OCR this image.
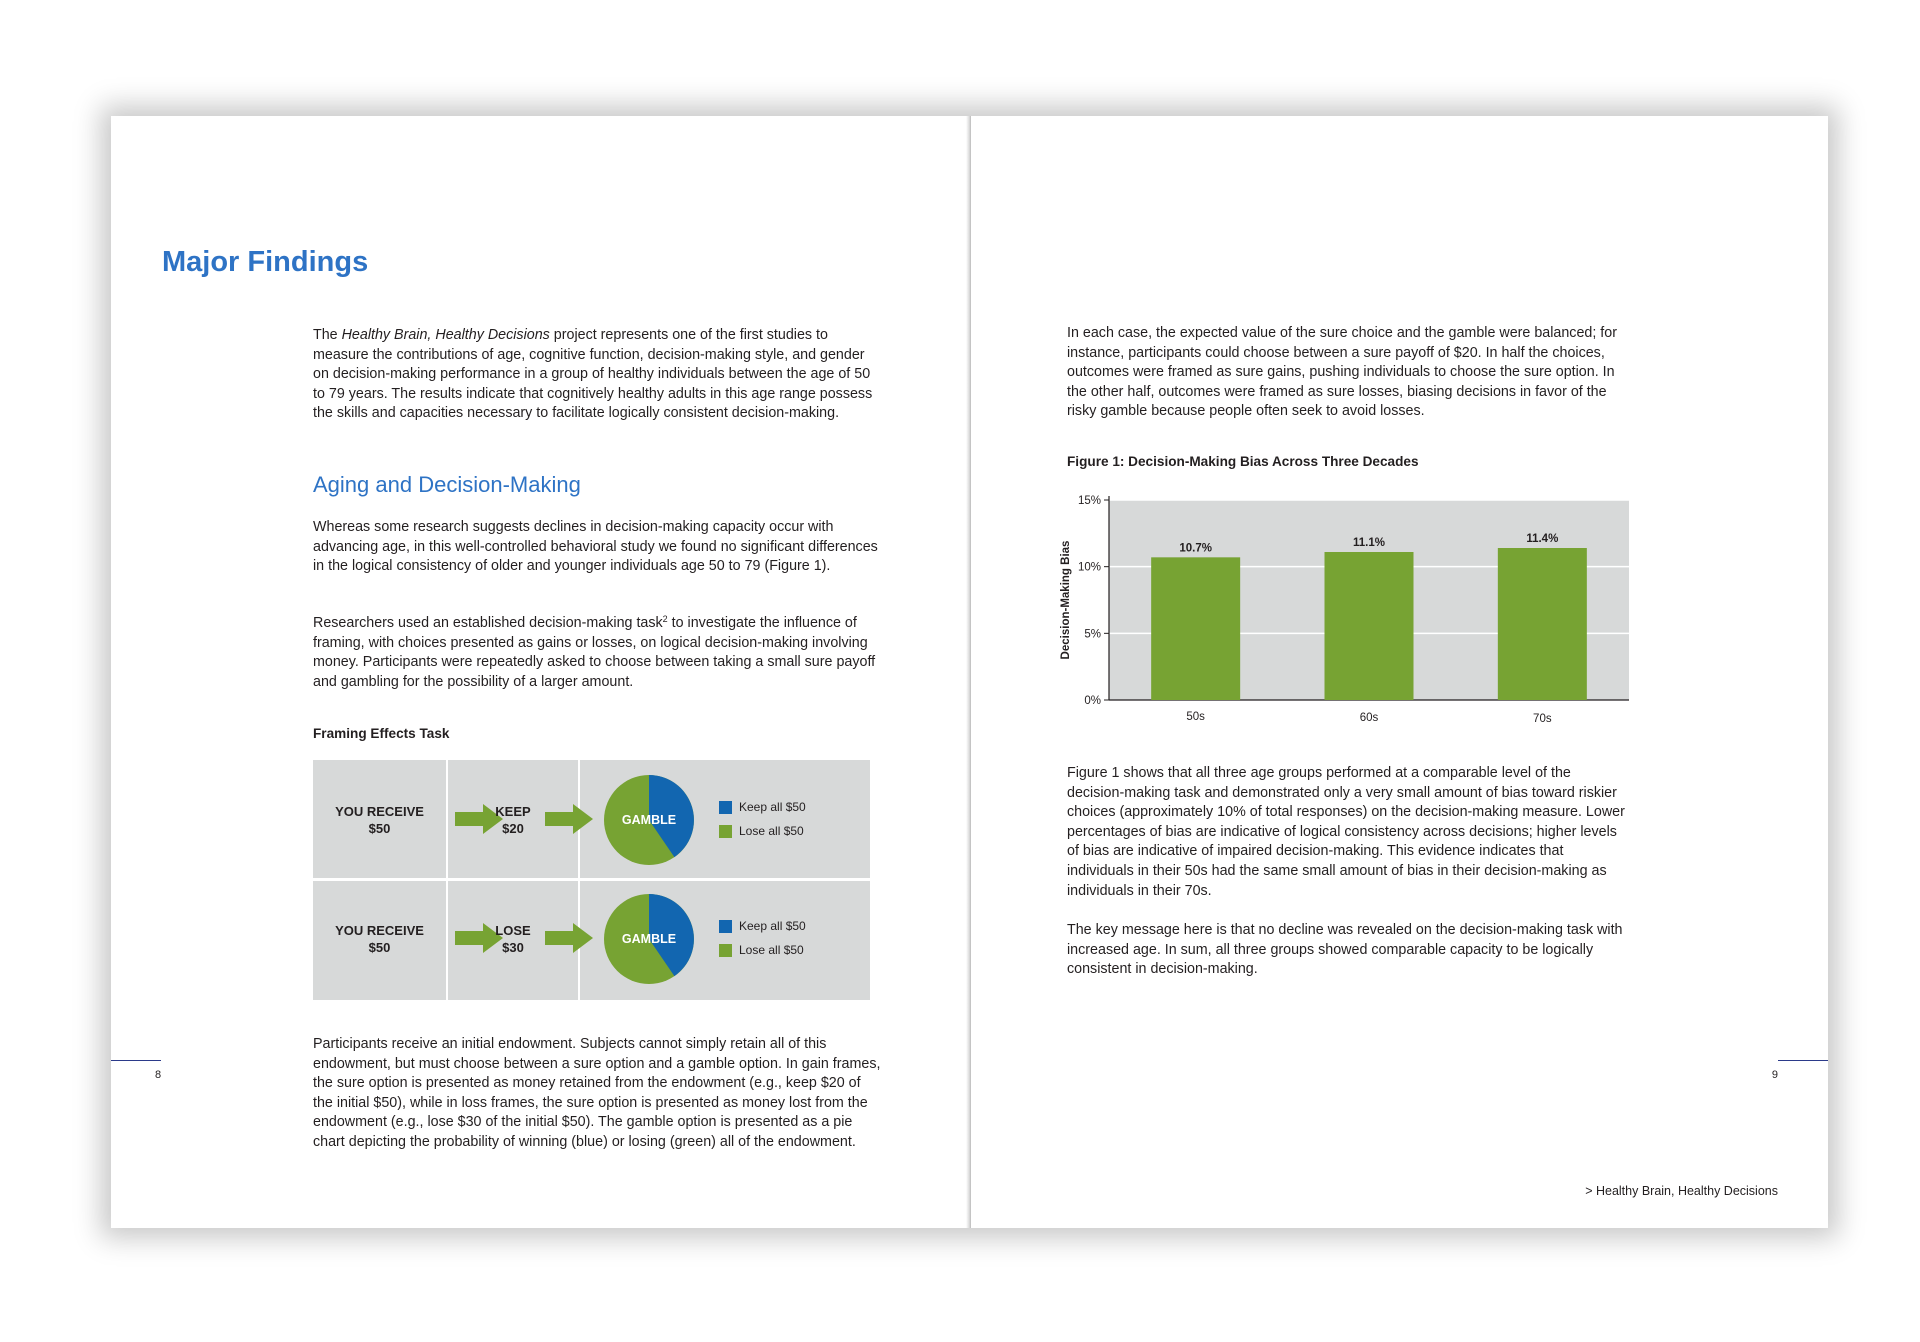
Major Findings

The Healthy Brain, Healthy Decisions project represents one of the first studies to measure the contributions of age, cognitive function, decision-making style, and gender on decision-making performance in a group of healthy individuals between the age of 50 to 79 years. The results indicate that cognitively healthy adults in this age range possess the skills and capacities necessary to facilitate logically consistent decision-making.

Aging and Decision-Making

Whereas some research suggests declines in decision-making capacity occur with advancing age, in this well-controlled behavioral study we found no significant differences in the logical consistency of older and younger individuals age 50 to 79 (Figure 1).

Researchers used an established decision-making task$^2$ to investigate the influence of framing, with choices presented as gains or losses, on logical decision-making involving money. Participants were repeatedly asked to choose between taking a small sure payoff and gambling for the possibility of a larger amount.

Framing Effects Task

YOU RECEIVE
$50
KEEP
$20
GAMBLE
Keep all $50
Lose all $50
YOU RECEIVE
$50
LOSE
$30
GAMBLE
Keep all $50
Lose all $50

Participants receive an initial endowment. Subjects cannot simply retain all of this endowment, but must choose between a sure option and a gamble option. In gain frames, the sure option is presented as money retained from the endowment (e.g., keep $20 of the initial $50), while in loss frames, the sure option is presented as money lost from the endowment (e.g., lose $30 of the initial $50). The gamble option is presented as a pie chart depicting the probability of winning (blue) or losing (green) all of the endowment.

8

In each case, the expected value of the sure choice and the gamble were balanced; for instance, participants could choose between a sure payoff of $20. In half the choices, outcomes were framed as sure gains, pushing individuals to choose the sure option. In the other half, outcomes were framed as sure losses, biasing decisions in favor of the risky gamble because people often seek to avoid losses.

Figure 1: Decision-Making Bias Across Three Decades

0%
5%
10%
15%
10.7%
50s
11.1%
60s
11.4%
70s
Decision-Making Bias

Figure 1 shows that all three age groups performed at a comparable level of the decision-making task and demonstrated only a very small amount of bias toward riskier choices (approximately 10% of total responses) on the decision-making measure. Lower percentages of bias are indicative of logical consistency across decisions; higher levels of bias are indicative of impaired decision-making. This evidence indicates that individuals in their 50s had the same small amount of bias in their decision-making as individuals in their 70s.

The key message here is that no decline was revealed on the decision-making task with increased age. In sum, all three groups showed comparable capacity to be logically consistent in decision-making.

9
> Healthy Brain, Healthy Decisions
